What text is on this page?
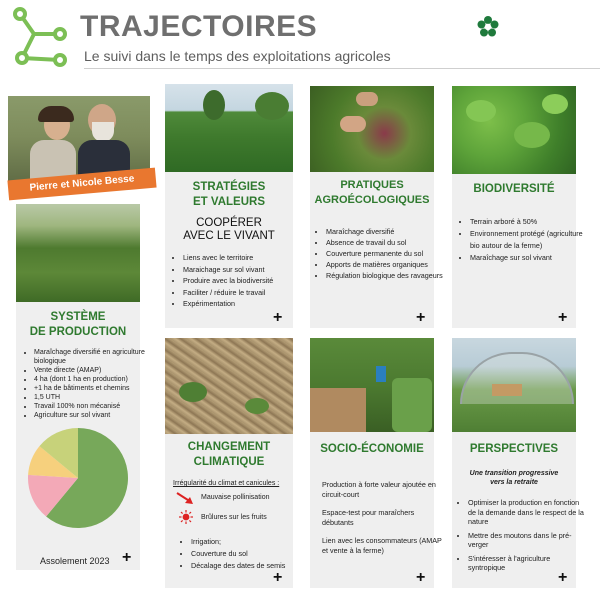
TRAJECTOIRES
Le suivi dans le temps des exploitations agricoles
Pierre et Nicole Besse
SYSTÈME
DE PRODUCTION
• Maraîchage diversifié en agriculture biologique
• Vente directe (AMAP)
• 4 ha (dont 1 ha en production)
• +1 ha de bâtiments et chemins
• 1,5 UTH
• Travail 100% non mécanisé
• Agriculture sur sol vivant
Assolement 2023 +
STRATÉGIES
ET VALEURS
COOPÉRER
AVEC LE VIVANT
• Liens avec le territoire
• Maraichage sur sol vivant
• Produire avec la biodiversité
• Faciliter / réduire le travail
• Expérimentation
+
PRATIQUES
AGROÉCOLOGIQUES
• Maraîchage diversifié
• Absence de travail du sol
• Couverture permanente du sol
• Apports de matières organiques
• Régulation biologique des ravageurs
+
BIODIVERSITÉ
• Terrain arboré à 50%
• Environnement protégé (agriculture bio autour de la ferme)
• Maraîchage sur sol vivant
+
CHANGEMENT
CLIMATIQUE
Irrégularité du climat et canicules :
Mauvaise pollinisation
Brûlures sur les fruits
• Irrigation;
• Couverture du sol
• Décalage des dates de semis
+
SOCIO-ÉCONOMIE
Production à forte valeur ajoutée en circuit-court
Espace-test pour maraîchers débutants
Lien avec les consommateurs (AMAP et vente à la ferme)
+
PERSPECTIVES
Une transition progressive
vers la retraite
• Optimiser la production en fonction de la demande dans le respect de la nature
• Mettre des moutons dans le pré-verger
• S'intéresser à l'agriculture syntropique
+
